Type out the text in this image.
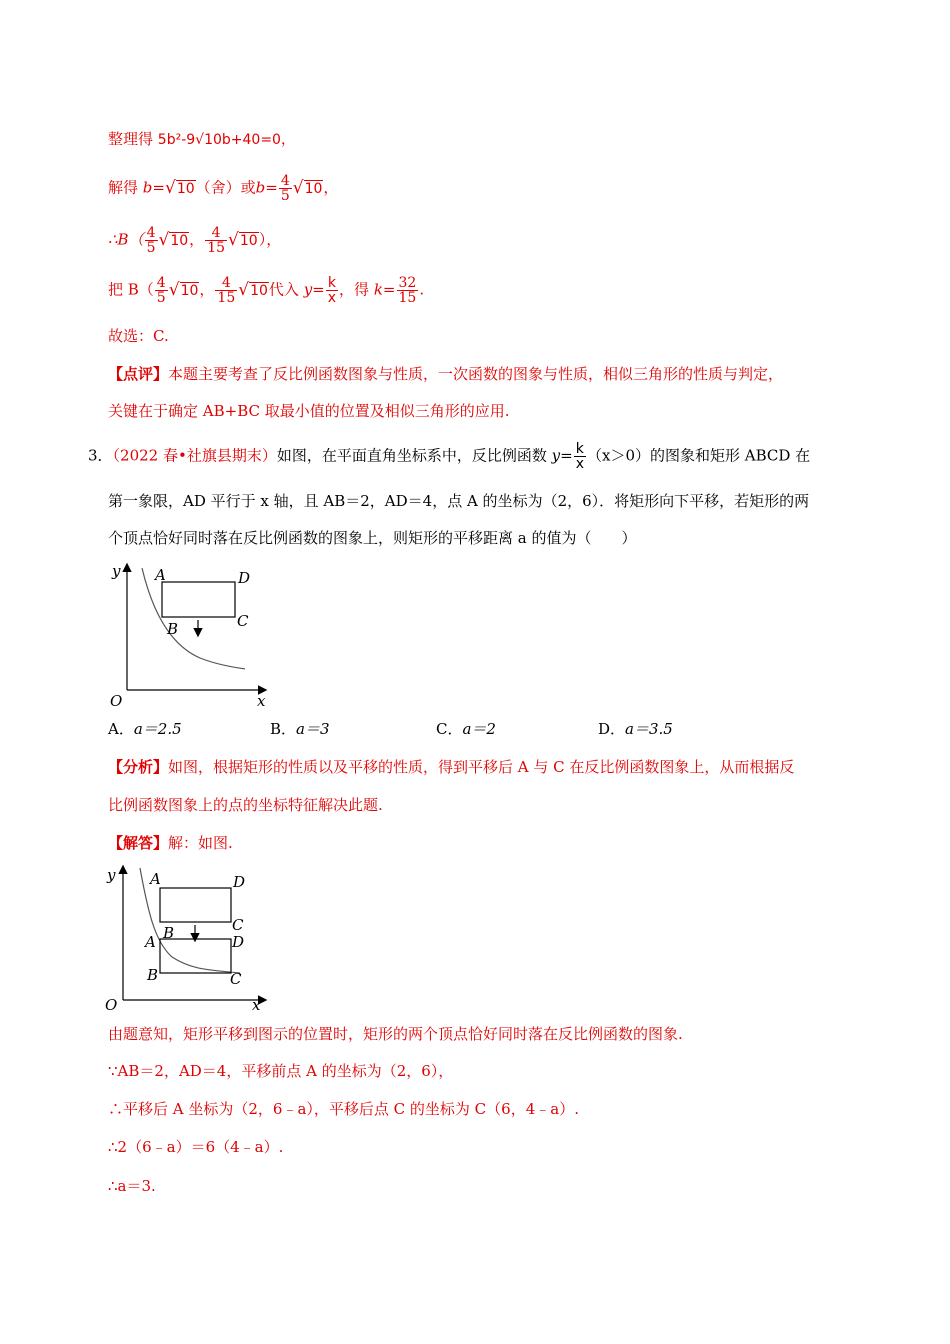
整理得 5b²-9√10b+40=0，
解得 b=√10（舍）或$b= \frac{4}{5} √10$，
∴B（ $\frac{4}{5} √10$， $\frac{4}{15} √10$），
把 $B( \frac{4}{5} √10$， $\frac{4}{15} √10$代入 $y= \frac{k}{x}$ ，得 $k= \frac{32}{15}$ .
故选：C.
【点评】本题主要考查了反比例函数图象与性质，一次函数的图象与性质，相似三角形的性质与判定，
关键在于确定 AB+BC 取最小值的位置及相似三角形的应用.
3．（2022 春•社旗县期末）如图，在平面直角坐标系中，反比例函数 $y= \frac{k}{x} (x>0)$的图象和矩形 ABCD 在
第一象限，AD 平行于 x 轴，且 AB＝2，AD＝4，点 A 的坐标为（2，6）．将矩形向下平移，若矩形的两
个顶点恰好同时落在反比例函数的图象上，则矩形的平移距离 a 的值为（　　）
y
x
O
A	D
B	C
A．a＝2.5	B．a＝3	C．a＝2	D．a＝3.5
【分析】如图，根据矩形的性质以及平移的性质，得到平移后 A 与 C 在反比例函数图象上，从而根据反
比例函数图象上的点的坐标特征解决此题.
【解答】解：如图.
y
x
O
A	D
B	C
A	D
B	C
由题意知，矩形平移到图示的位置时，矩形的两个顶点恰好同时落在反比例函数的图象.
∵AB＝2，AD＝4，平移前点 A 的坐标为（2，6），
∴平移后 A 坐标为（2，6﹣a），平移后点 C 的坐标为 C（6，4﹣a）.
∴2（6﹣a）＝6（4﹣a）.
∴a＝3.
